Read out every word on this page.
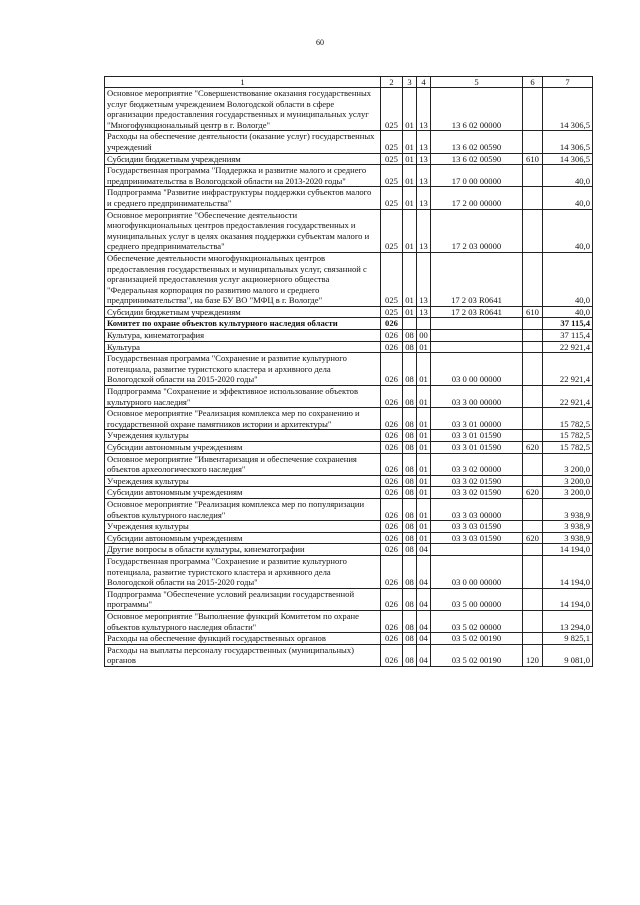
60
1	2	3	4	5	6	7
Основное мероприятие "Совершенствование оказания государственных услуг бюджетным учреждением Вологодской области в сфере организации предоставления государственных и муниципальных услуг "Многофункциональный центр в г. Вологде"	025	01	13	13 6 02 00000		14 306,5
Расходы на обеспечение деятельности (оказание услуг) государственных учреждений	025	01	13	13 6 02 00590		14 306,5
Субсидии бюджетным учреждениям	025	01	13	13 6 02 00590	610	14 306,5
Государственная программа "Поддержка и развитие малого и среднего предпринимательства в Вологодской области на 2013-2020 годы"	025	01	13	17 0 00 00000		40,0
Подпрограмма "Развитие инфраструктуры поддержки субъектов малого и среднего предпринимательства"	025	01	13	17 2 00 00000		40,0
Основное мероприятие "Обеспечение деятельности многофункциональных центров предоставления государственных и муниципальных услуг в целях оказания поддержки субъектам малого и среднего предпринимательства"	025	01	13	17 2 03 00000		40,0
Обеспечение деятельности многофункциональных центров предоставления государственных и муниципальных услуг, связанной с организацией предоставления услуг акционерного общества "Федеральная корпорация по развитию малого и среднего предпринимательства", на базе БУ ВО "МФЦ в г. Вологде"	025	01	13	17 2 03 R0641		40,0
Субсидии бюджетным учреждениям	025	01	13	17 2 03 R0641	610	40,0
Комитет по охране объектов культурного наследия области	026					37 115,4
Культура, кинематография	026	08	00			37 115,4
Культура	026	08	01			22 921,4
Государственная программа "Сохранение и развитие культурного потенциала, развитие туристского кластера и архивного дела Вологодской области на 2015-2020 годы"	026	08	01	03 0 00 00000		22 921,4
Подпрограмма "Сохранение и эффективное использование объектов культурного наследия"	026	08	01	03 3 00 00000		22 921,4
Основное мероприятие "Реализация комплекса мер по сохранению и государственной охране памятников истории и архитектуры"	026	08	01	03 3 01 00000		15 782,5
Учреждения культуры	026	08	01	03 3 01 01590		15 782,5
Субсидии автономным учреждениям	026	08	01	03 3 01 01590	620	15 782,5
Основное мероприятие "Инвентаризация и обеспечение сохранения объектов археологического наследия"	026	08	01	03 3 02 00000		3 200,0
Учреждения культуры	026	08	01	03 3 02 01590		3 200,0
Субсидии автономным учреждениям	026	08	01	03 3 02 01590	620	3 200,0
Основное мероприятие "Реализация комплекса мер по популяризации объектов культурного наследия"	026	08	01	03 3 03 00000		3 938,9
Учреждения культуры	026	08	01	03 3 03 01590		3 938,9
Субсидии автономным учреждениям	026	08	01	03 3 03 01590	620	3 938,9
Другие вопросы в области культуры, кинематографии	026	08	04			14 194,0
Государственная программа "Сохранение и развитие культурного потенциала, развитие туристского кластера и архивного дела Вологодской области на 2015-2020 годы"	026	08	04	03 0 00 00000		14 194,0
Подпрограмма "Обеспечение условий реализации государственной программы"	026	08	04	03 5 00 00000		14 194,0
Основное мероприятие "Выполнение функций Комитетом по охране объектов культурного наследия области"	026	08	04	03 5 02 00000		13 294,0
Расходы на обеспечение функций государственных органов	026	08	04	03 5 02 00190		9 825,1
Расходы на выплаты персоналу государственных (муниципальных) органов	026	08	04	03 5 02 00190	120	9 081,0
